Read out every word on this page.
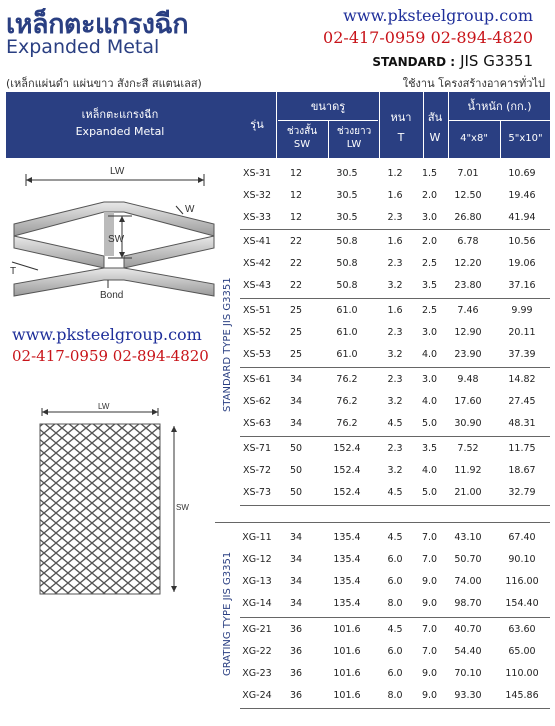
เหล็กตะแกรงฉีก
Expanded Metal
www.pksteelgroup.com
02-417-0959 02-894-4820
STANDARD : JIS G3351
(เหล็กแผ่นดำ แผ่นขาว สังกะสี สแตนเลส)	ใช้งาน โครงสร้างอาคารทั่วไป
เหล็กตะแกรงฉีก
Expanded Metal
รุ่น
ขนาดรู
ช่วงสั้น
SW
ช่วงยาว
LW
หนา
T
สัน
W
น้ำหนัก (กก.)
4"x8"	5"x10"
LW
SW
W
T
Bond
www.pksteelgroup.com
02-417-0959 02-894-4820
LW
SW
STANDARD TYPE JIS G3351
GRATING TYPE JIS G3351
XS-31	12	30.5	1.2	1.5	7.01	10.69
XS-32	12	30.5	1.6	2.0	12.50	19.46
XS-33	12	30.5	2.3	3.0	26.80	41.94
XS-41	22	50.8	1.6	2.0	6.78	10.56
XS-42	22	50.8	2.3	2.5	12.20	19.06
XS-43	22	50.8	3.2	3.5	23.80	37.16
XS-51	25	61.0	1.6	2.5	7.46	9.99
XS-52	25	61.0	2.3	3.0	12.90	20.11
XS-53	25	61.0	3.2	4.0	23.90	37.39
XS-61	34	76.2	2.3	3.0	9.48	14.82
XS-62	34	76.2	3.2	4.0	17.60	27.45
XS-63	34	76.2	4.5	5.0	30.90	48.31
XS-71	50	152.4	2.3	3.5	7.52	11.75
XS-72	50	152.4	3.2	4.0	11.92	18.67
XS-73	50	152.4	4.5	5.0	21.00	32.79
XG-11	34	135.4	4.5	7.0	43.10	67.40
XG-12	34	135.4	6.0	7.0	50.70	90.10
XG-13	34	135.4	6.0	9.0	74.00	116.00
XG-14	34	135.4	8.0	9.0	98.70	154.40
XG-21	36	101.6	4.5	7.0	40.70	63.60
XG-22	36	101.6	6.0	7.0	54.40	65.00
XG-23	36	101.6	6.0	9.0	70.10	110.00
XG-24	36	101.6	8.0	9.0	93.30	145.86
